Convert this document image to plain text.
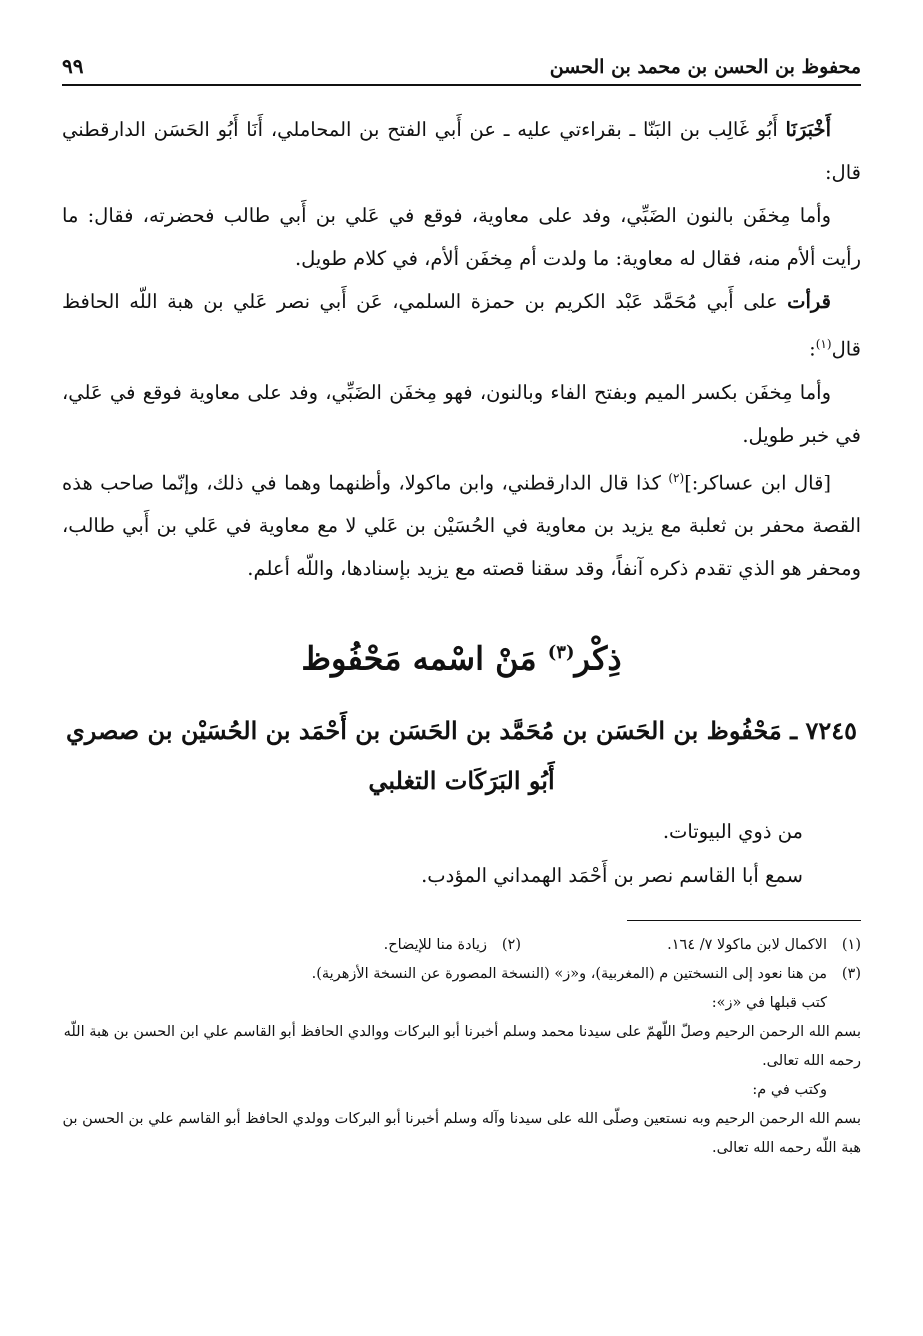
محفوظ بن الحسن بن محمد بن الحسن
٩٩

أَخْبَرَنَا أَبُو غَالِب بن البَنّا ـ بقراءتي عليه ـ عن أَبي الفتح بن المحاملي، أَنَا أَبُو الحَسَن الدارقطني قال:

وأما مِخفَن بالنون الضَبِّي، وفد على معاوية، فوقع في عَلي بن أَبي طالب فحضرته، فقال: ما رأيت ألأم منه، فقال له معاوية: ما ولدت أم مِخفَن ألأم، في كلام طويل.

قرأت على أَبي مُحَمَّد عَبْد الكريم بن حمزة السلمي، عَن أَبي نصر عَلي بن هبة اللّه الحافظ قال$^{(١)}$:

وأما مِخفَن بكسر الميم وبفتح الفاء وبالنون، فهو مِخفَن الضَبِّي، وفد على معاوية فوقع في عَلي، في خبر طويل.

[قال ابن عساكر:]$^{(٢)}$ كذا قال الدارقطني، وابن ماكولا، وأظنهما وهما في ذلك، وإنّما صاحب هذه القصة محفر بن ثعلبة مع يزيد بن معاوية في الحُسَيْن بن عَلي لا مع معاوية في عَلي بن أَبي طالب، ومحفر هو الذي تقدم ذكره آنفاً، وقد سقنا قصته مع يزيد بإسنادها، واللّه أعلم.

ذِكْر$^{(٣)}$ مَنْ اسْمه مَحْفُوظ
٧٢٤٥ ـ مَحْفُوظ بن الحَسَن بن مُحَمَّد بن الحَسَن بن أَحْمَد بن الحُسَيْن بن صصري
أَبُو البَرَكَات التغلبي

من ذوي البيوتات.

سمع أبا القاسم نصر بن أَحْمَد الهمداني المؤدب.

(١)
الاكمال لابن ماكولا ٧/ ١٦٤.
(٢)
زيادة منا للإيضاح.
(٣)
من هنا نعود إلى النسختين م (المغربية)، و«ز» (النسخة المصورة عن النسخة الأزهرية).
كتب قبلها في «ز»:
بسم الله الرحمن الرحيم وصلّ اللّهمّ على سيدنا محمد وسلم أخبرنا أبو البركات ووالدي الحافظ أبو القاسم علي ابن الحسن بن هبة اللّه رحمه الله تعالى.
وكتب في م:
بسم الله الرحمن الرحيم وبه نستعين وصلّى الله على سيدنا وآله وسلم أخبرنا أبو البركات وولدي الحافظ أبو القاسم علي بن الحسن بن هبة اللّه رحمه الله تعالى.
